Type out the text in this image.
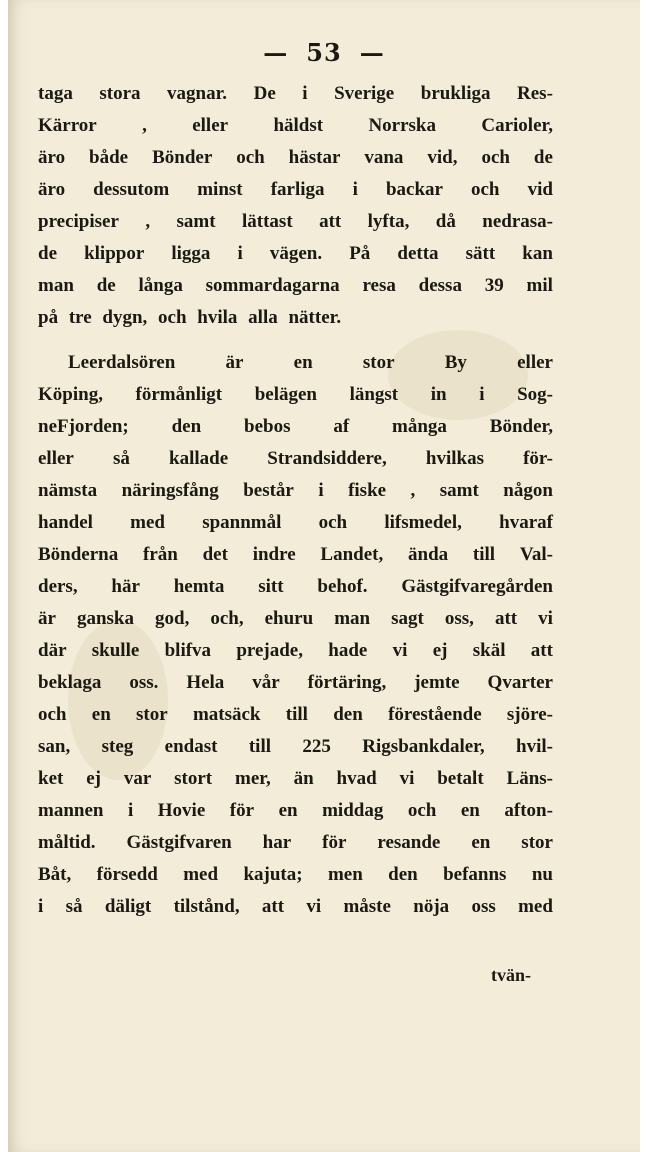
— 53 —
taga stora vagnar. De i Sverige brukliga Res-
Kärror , eller häldst Norrska Carioler,
äro både Bönder och hästar vana vid, och de
äro dessutom minst farliga i backar och vid
precipiser , samt lättast att lyfta, då nedrasa-
de klippor ligga i vägen. På detta sätt kan
man de långa sommardagarna resa dessa 39 mil
på tre dygn, och hvila alla nätter.
Leerdalsören	är	en	stor	By	eller
Köping, förmånligt belägen längst in i Sog-
neFjorden; den bebos af många Bönder,
eller så kallade Strandsiddere, hvilkas för-
nämsta näringsfång består i fiske , samt någon
handel med spannmål och lifsmedel, hvaraf
Bönderna från det indre Landet, ända till Val-
ders, här hemta sitt behof. Gästgifvaregården
är ganska god, och, ehuru man sagt oss, att vi
där skulle blifva prejade, hade vi ej skäl att
beklaga oss. Hela vår förtäring, jemte Qvarter
och en stor matsäck till den förestående sjöre-
san, steg endast till 225 Rigsbankdaler, hvil-
ket ej var stort mer, än hvad vi betalt Läns-
mannen i Hovie för en middag och en afton-
måltid. Gästgifvaren har för resande en stor
Båt, försedd med kajuta; men den befanns nu
i så däligt tilstånd, att vi måste nöja oss med
tvän-
